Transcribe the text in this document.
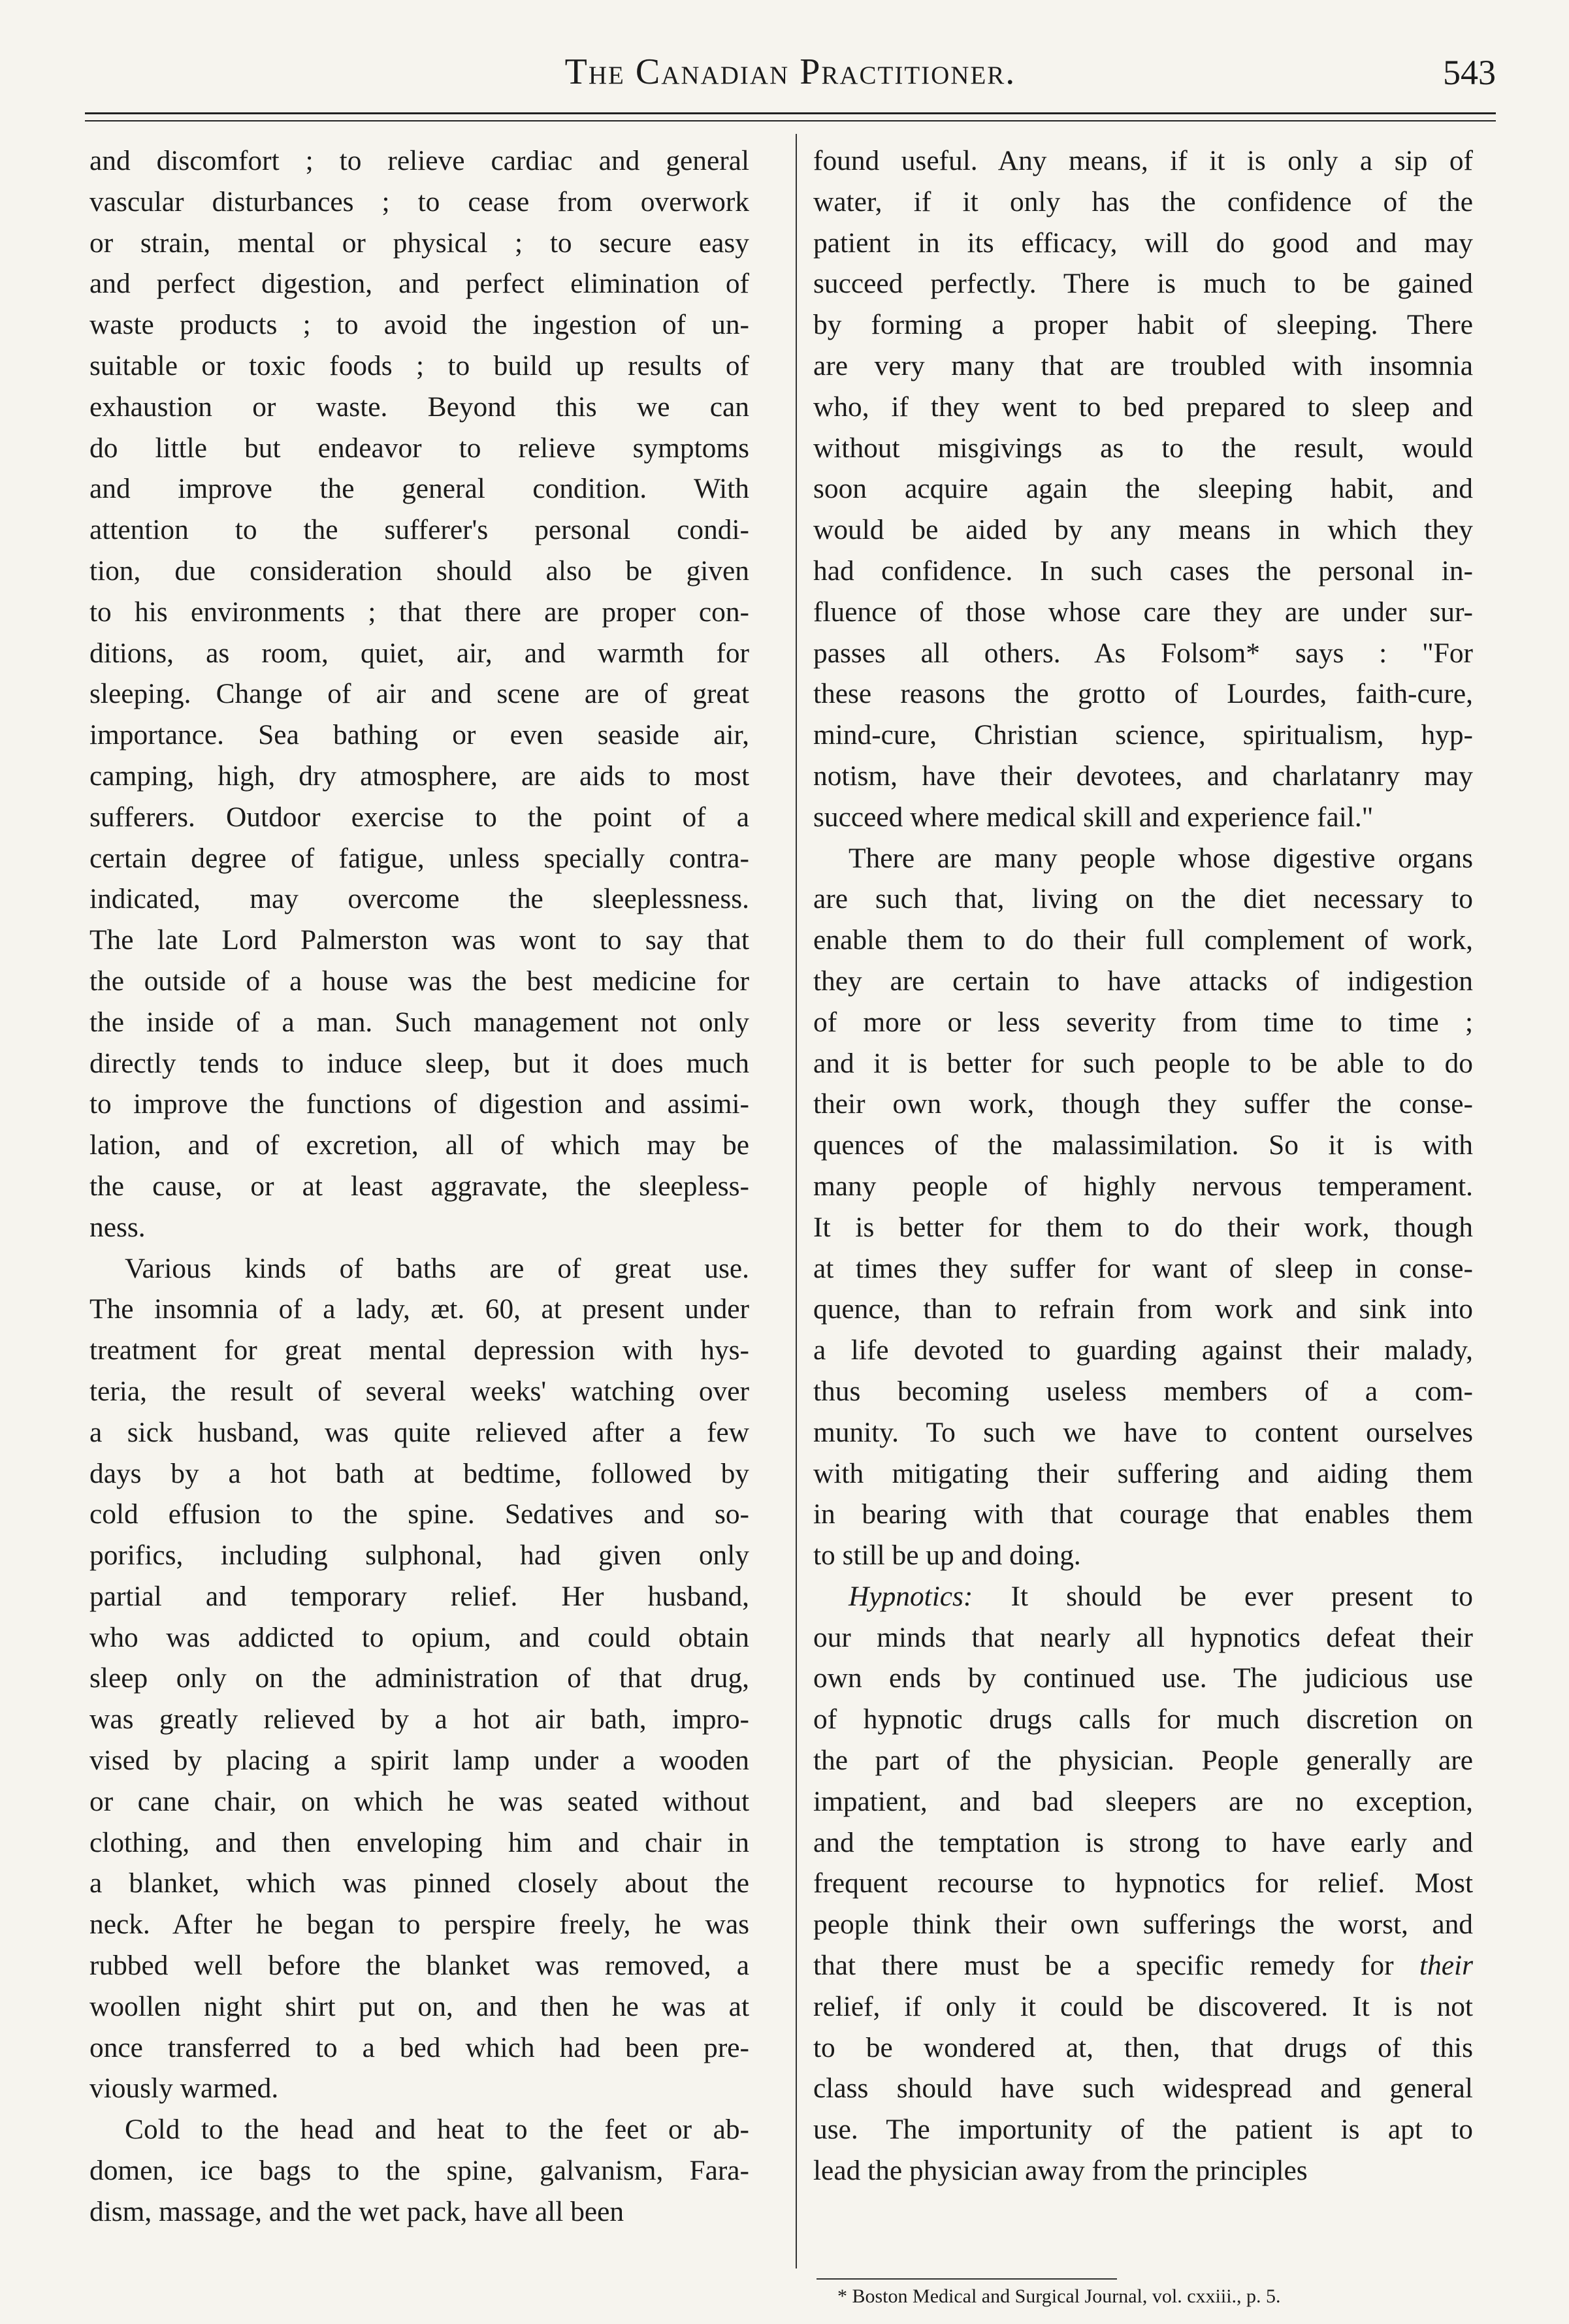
The Canadian Practitioner.	543
and discomfort ; to relieve cardiac and general
vascular disturbances ; to cease from overwork
or strain, mental or physical ; to secure easy
and perfect digestion, and perfect elimination of
waste products ; to avoid the ingestion of un-
suitable or toxic foods ; to build up results of
exhaustion or waste. Beyond this we can
do little but endeavor to relieve symptoms
and improve the general condition. With
attention to the sufferer's personal condi-
tion, due consideration should also be given
to his environments ; that there are proper con-
ditions, as room, quiet, air, and warmth for
sleeping. Change of air and scene are of great
importance. Sea bathing or even seaside air,
camping, high, dry atmosphere, are aids to most
sufferers. Outdoor exercise to the point of a
certain degree of fatigue, unless specially contra-
indicated, may overcome the sleeplessness.
The late Lord Palmerston was wont to say that
the outside of a house was the best medicine for
the inside of a man. Such management not only
directly tends to induce sleep, but it does much
to improve the functions of digestion and assimi-
lation, and of excretion, all of which may be
the cause, or at least aggravate, the sleepless-
ness.
Various kinds of baths are of great use.
The insomnia of a lady, æt. 60, at present under
treatment for great mental depression with hys-
teria, the result of several weeks' watching over
a sick husband, was quite relieved after a few
days by a hot bath at bedtime, followed by
cold effusion to the spine. Sedatives and so-
porifics, including sulphonal, had given only
partial and temporary relief. Her husband,
who was addicted to opium, and could obtain
sleep only on the administration of that drug,
was greatly relieved by a hot air bath, impro-
vised by placing a spirit lamp under a wooden
or cane chair, on which he was seated without
clothing, and then enveloping him and chair in
a blanket, which was pinned closely about the
neck. After he began to perspire freely, he was
rubbed well before the blanket was removed, a
woollen night shirt put on, and then he was at
once transferred to a bed which had been pre-
viously warmed.
Cold to the head and heat to the feet or ab-
domen, ice bags to the spine, galvanism, Fara-
dism, massage, and the wet pack, have all been
found useful. Any means, if it is only a sip of
water, if it only has the confidence of the
patient in its efficacy, will do good and may
succeed perfectly. There is much to be gained
by forming a proper habit of sleeping. There
are very many that are troubled with insomnia
who, if they went to bed prepared to sleep and
without misgivings as to the result, would
soon acquire again the sleeping habit, and
would be aided by any means in which they
had confidence. In such cases the personal in-
fluence of those whose care they are under sur-
passes all others. As Folsom* says : "For
these reasons the grotto of Lourdes, faith-cure,
mind-cure, Christian science, spiritualism, hyp-
notism, have their devotees, and charlatanry may
succeed where medical skill and experience fail."
There are many people whose digestive organs
are such that, living on the diet necessary to
enable them to do their full complement of work,
they are certain to have attacks of indigestion
of more or less severity from time to time ;
and it is better for such people to be able to do
their own work, though they suffer the conse-
quences of the malassimilation. So it is with
many people of highly nervous temperament.
It is better for them to do their work, though
at times they suffer for want of sleep in conse-
quence, than to refrain from work and sink into
a life devoted to guarding against their malady,
thus becoming useless members of a com-
munity. To such we have to content ourselves
with mitigating their suffering and aiding them
in bearing with that courage that enables them
to still be up and doing.
Hypnotics: It should be ever present to
our minds that nearly all hypnotics defeat their
own ends by continued use. The judicious use
of hypnotic drugs calls for much discretion on
the part of the physician. People generally are
impatient, and bad sleepers are no exception,
and the temptation is strong to have early and
frequent recourse to hypnotics for relief. Most
people think their own sufferings the worst, and
that there must be a specific remedy for their
relief, if only it could be discovered. It is not
to be wondered at, then, that drugs of this
class should have such widespread and general
use. The importunity of the patient is apt to
lead the physician away from the principles
* Boston Medical and Surgical Journal, vol. cxxiii., p. 5.
